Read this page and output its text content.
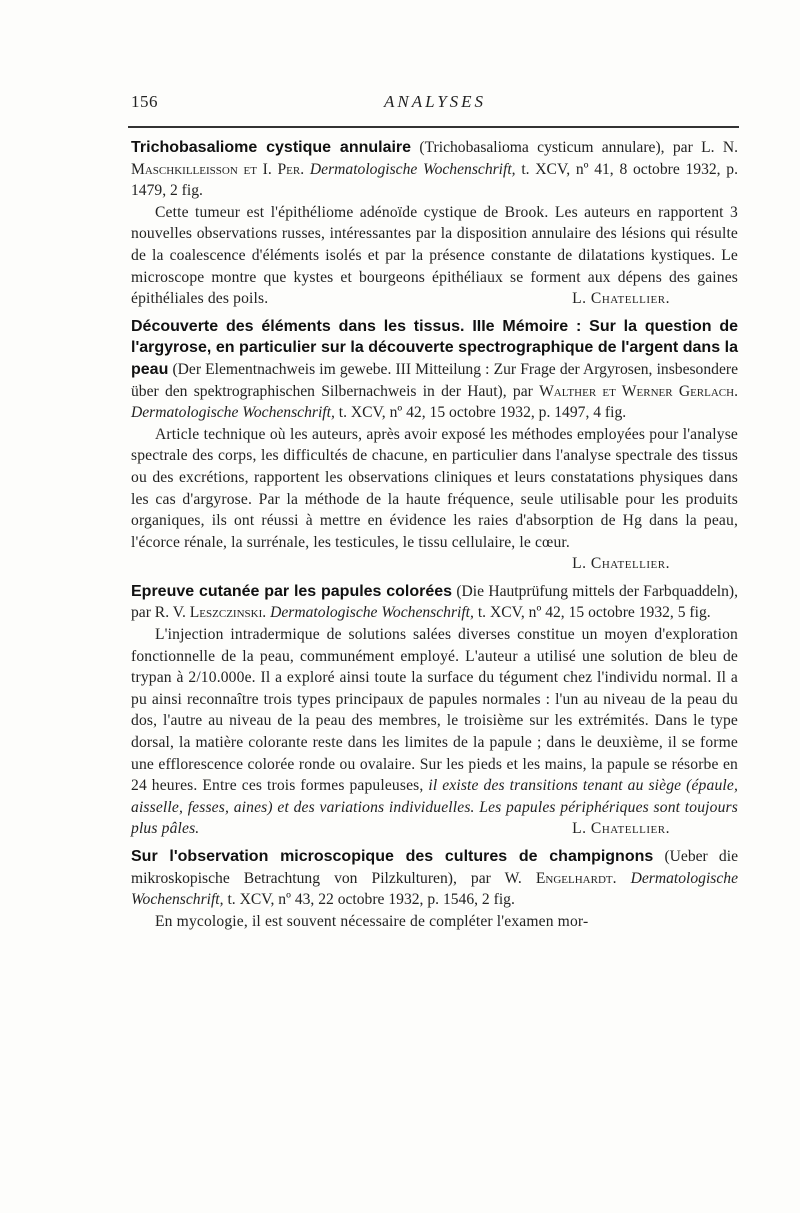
156	ANALYSES

Trichobasaliome cystique annulaire (Trichobasalioma cysticum annulare), par L. N. Maschkilleisson et I. Per. Dermatologische Wochenschrift, t. XCV, nº 41, 8 octobre 1932, p. 1479, 2 fig.

Cette tumeur est l'épithéliome adénoïde cystique de Brook. Les auteurs en rapportent 3 nouvelles observations russes, intéressantes par la disposition annulaire des lésions qui résulte de la coalescence d'éléments isolés et par la présence constante de dilatations kystiques. Le microscope montre que kystes et bourgeons épithéliaux se forment aux dépens des gaines épithéliales des poils.	L. Chatellier.

Découverte des éléments dans les tissus. IIIe Mémoire : Sur la question de l'argyrose, en particulier sur la découverte spectrographique de l'argent dans la peau (Der Elementnachweis im gewebe. III Mitteilung : Zur Frage der Argyrosen, insbesondere über den spektrographischen Silbernachweis in der Haut), par Walther et Werner Gerlach. Dermatologische Wochenschrift, t. XCV, nº 42, 15 octobre 1932, p. 1497, 4 fig.

Article technique où les auteurs, après avoir exposé les méthodes employées pour l'analyse spectrale des corps, les difficultés de chacune, en particulier dans l'analyse spectrale des tissus ou des excrétions, rapportent les observations cliniques et leurs constatations physiques dans les cas d'argyrose. Par la méthode de la haute fréquence, seule utilisable pour les produits organiques, ils ont réussi à mettre en évidence les raies d'absorption de Hg dans la peau, l'écorce rénale, la surrénale, les testicules, le tissu cellulaire, le cœur.

L. Chatellier.

Epreuve cutanée par les papules colorées (Die Hautprüfung mittels der Farbquaddeln), par R. V. Leszczinski. Dermatologische Wochenschrift, t. XCV, nº 42, 15 octobre 1932, 5 fig.

L'injection intradermique de solutions salées diverses constitue un moyen d'exploration fonctionnelle de la peau, communément employé. L'auteur a utilisé une solution de bleu de trypan à 2/10.000e. Il a exploré ainsi toute la surface du tégument chez l'individu normal. Il a pu ainsi reconnaître trois types principaux de papules normales : l'un au niveau de la peau du dos, l'autre au niveau de la peau des membres, le troisième sur les extrémités. Dans le type dorsal, la matière colorante reste dans les limites de la papule ; dans le deuxième, il se forme une efflorescence colorée ronde ou ovalaire. Sur les pieds et les mains, la papule se résorbe en 24 heures. Entre ces trois formes papuleuses, il existe des transitions tenant au siège (épaule, aisselle, fesses, aines) et des variations individuelles. Les papules périphériques sont toujours plus pâles.	L. Chatellier.

Sur l'observation microscopique des cultures de champignons (Ueber die mikroskopische Betrachtung von Pilzkulturen), par W. Engelhardt. Dermatologische Wochenschrift, t. XCV, nº 43, 22 octobre 1932, p. 1546, 2 fig.

En mycologie, il est souvent nécessaire de compléter l'examen mor-
